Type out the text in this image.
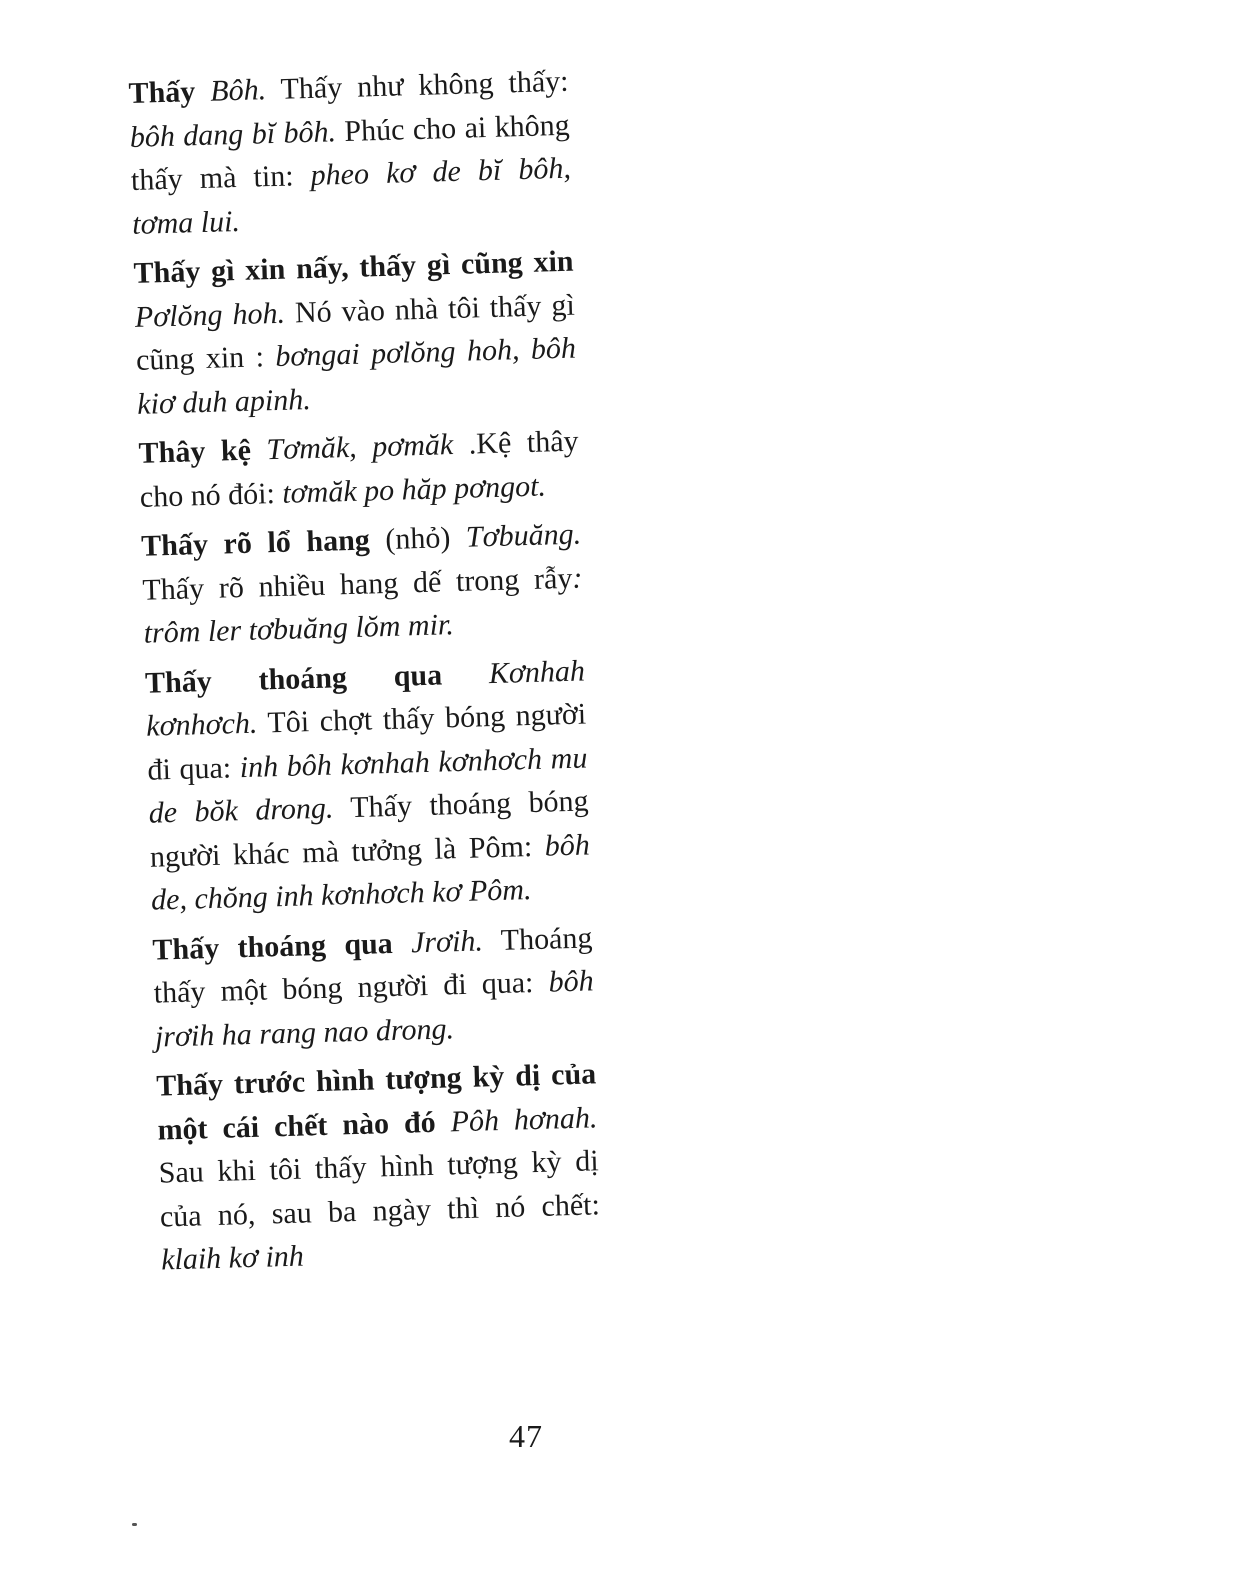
Thấy Bôh. Thấy như không thấy: bôh dang bĭ bôh. Phúc cho ai không thấy mà tin: pheo kơ de bĭ bôh, tơma lui.

Thấy gì xin nấy, thấy gì cũng xin Pơlŏng hoh. Nó vào nhà tôi thấy gì cũng xin : bơngai pơlŏng hoh, bôh kiơ duh apinh.

Thây kệ Tơmăk, pơmăk .Kệ thây cho nó đói: tơmăk po hăp pơngot.

Thấy rõ lổ hang (nhỏ) Tơbuăng. Thấy rõ nhiều hang dế trong rẫy: trôm ler tơbuăng lŏm mir.

Thấy thoáng qua Kơnhah kơnhơch. Tôi chợt thấy bóng người đi qua: inh bôh kơnhah kơnhơch mu de bŏk drong. Thấy thoáng bóng người khác mà tưởng là Pôm: bôh de, chŏng inh kơnhơch kơ Pôm.

Thấy thoáng qua Jrơih. Thoáng thấy một bóng người đi qua: bôh jrơih ha rang nao drong.

Thấy trước hình tượng kỳ dị của một cái chết nào đó Pôh hơnah. Sau khi tôi thấy hình tượng kỳ dị của nó, sau ba ngày thì nó chết: klaih kơ inh

47
